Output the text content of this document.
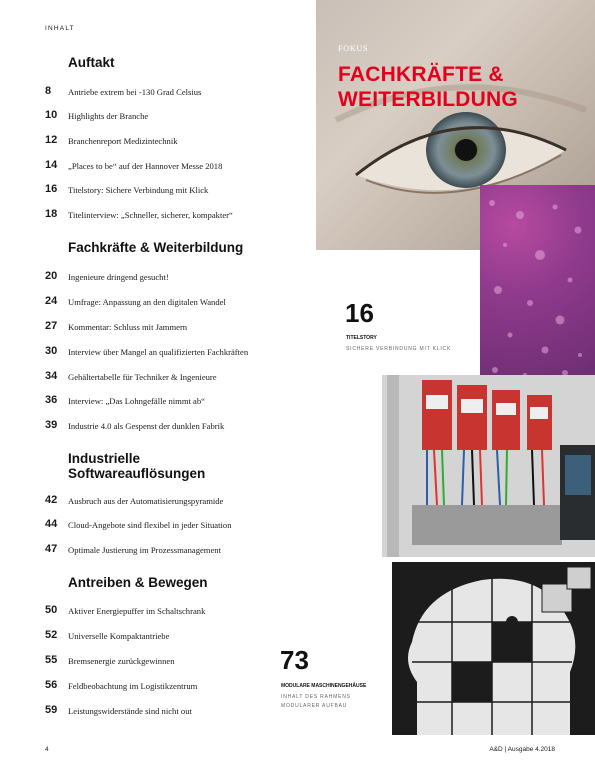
INHALT
Auftakt
8 Antriebe extrem bei -130 Grad Celsius
10 Highlights der Branche
12 Branchenreport Medizintechnik
14 „Places to be“ auf der Hannover Messe 2018
16 Titelstory: Sichere Verbindung mit Klick
18 Titelinterview: „Schneller, sicherer, kompakter“
Fachkräfte & Weiterbildung
20 Ingenieure dringend gesucht!
24 Umfrage: Anpassung an den digitalen Wandel
27 Kommentar: Schluss mit Jammern
30 Interview über Mangel an qualifizierten Fachkräften
34 Gehältertabelle für Techniker & Ingenieure
36 Interview: „Das Lohngefälle nimmt ab“
39 Industrie 4.0 als Gespenst der dunklen Fabrik
Industrielle
Softwareauflösungen
42 Ausbruch aus der Automatisierungspyramide
44 Cloud-Angebote sind flexibel in jeder Situation
47 Optimale Justierung im Prozessmanagement
Antreiben & Bewegen
50 Aktiver Energiepuffer im Schaltschrank
52 Universelle Kompaktantriebe
55 Bremsenergie zurückgewinnen
56 Feldbeobachtung im Logistikzentrum
59 Leistungswiderstände sind nicht out
FOKUS
FACHKRÄFTE &
WEITERBILDUNG
16
TITELSTORY
SICHERE VERBINDUNG MIT KLICK
73
MODULARE MASCHINENGEHÄUSE
INHALT DES RAHMENS
MODULARER AUFBAU
4	A&D | Ausgabe 4.2018
